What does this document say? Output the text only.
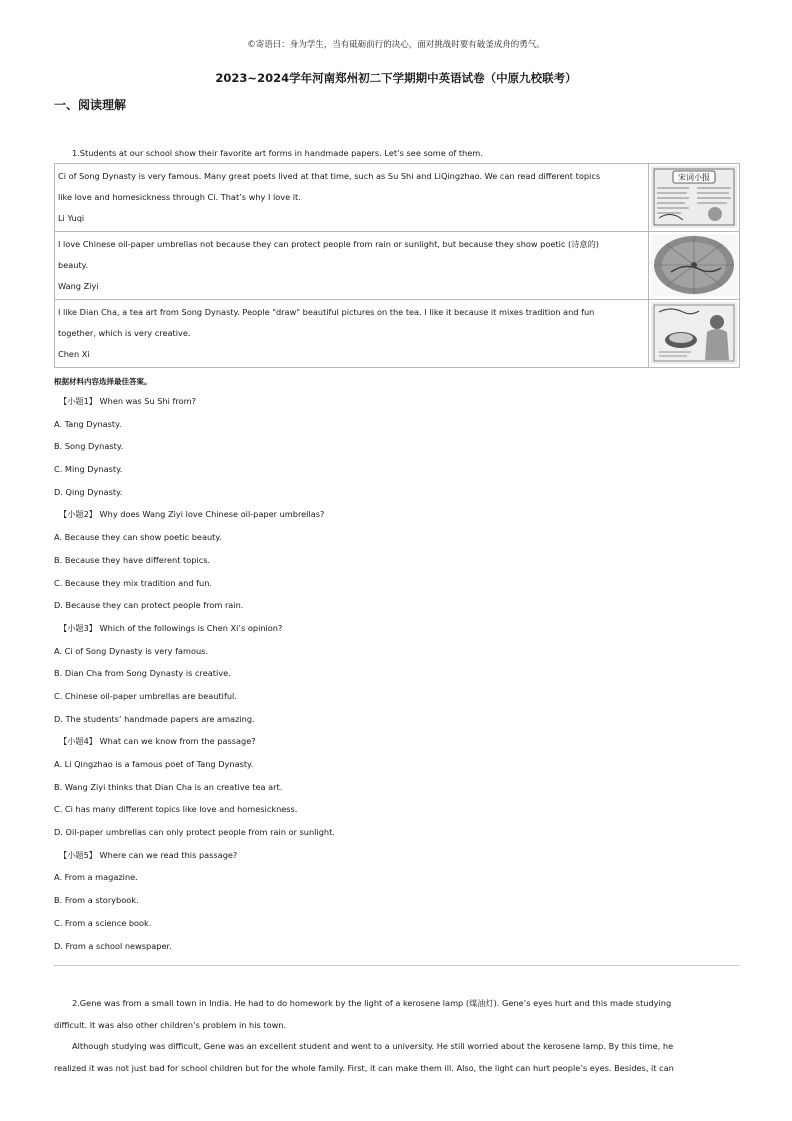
©寄语曰：身为学生，当有砥砺前行的决心，面对挑战时要有破釜成舟的勇气。
2023~2024学年河南郑州初二下学期期中英语试卷（中原九校联考）
一、阅读理解
1.Students at our school show their favorite art forms in handmade papers. Let’s see some of them.
Ci of Song Dynasty is very famous. Many great poets lived at that time, such as Su Shi and LiQingzhao. We can read different topics
like love and homesickness through Ci. That’s why I love it.
Li Yuqi	宋词小报

I love Chinese oil-paper umbrellas not because they can protect people from rain or sunlight, but because they show poetic (诗意的)
beauty.
Wang Ziyi

I like Dian Cha, a tea art from Song Dynasty. People "draw" beautiful pictures on the tea. I like it because it mixes tradition and fun
together, which is very creative.
Chen Xi

根据材料内容选择最佳答案。
【小题1】 When was Su Shi from?
A. Tang Dynasty.
B. Song Dynasty.
C. Ming Dynasty.
D. Qing Dynasty.
【小题2】 Why does Wang Ziyi love Chinese oil-paper umbrellas?
A. Because they can show poetic beauty.
B. Because they have different topics.
C. Because they mix tradition and fun.
D. Because they can protect people from rain.
【小题3】 Which of the followings is Chen Xi’s opinion?
A. Ci of Song Dynasty is very famous.
B. Dian Cha from Song Dynasty is creative.
C. Chinese oil-paper umbrellas are beautiful.
D. The students’ handmade papers are amazing.
【小题4】 What can we know from the passage?
A. Li Qingzhao is a famous poet of Tang Dynasty.
B. Wang Ziyi thinks that Dian Cha is an creative tea art.
C. Ci has many different topics like love and homesickness.
D. Oil-paper umbrellas can only protect people from rain or sunlight.
【小题5】 Where can we read this passage?
A. From a magazine.
B. From a storybook.
C. From a science book.
D. From a school newspaper.
2.Gene was from a small town in India. He had to do homework by the light of a kerosene lamp (煤油灯). Gene’s eyes hurt and this made studying
difficult. It was also other children’s problem in his town.
Although studying was difficult, Gene was an excellent student and went to a university. He still worried about the kerosene lamp. By this time, he
realized it was not just bad for school children but for the whole family. First, it can make them ill. Also, the light can hurt people’s eyes. Besides, it can
